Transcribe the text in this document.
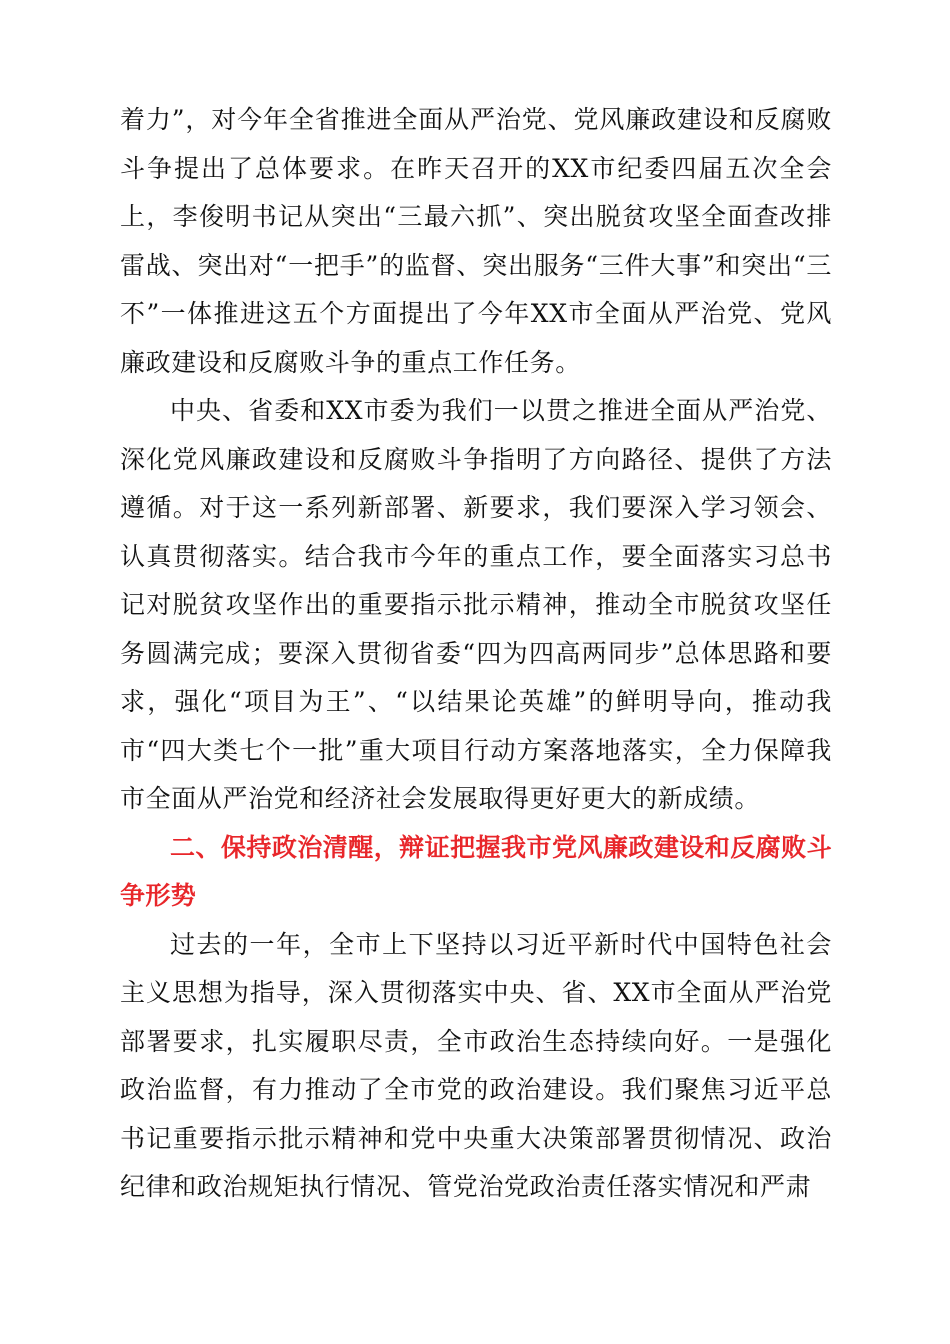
着力”，对今年全省推进全面从严治党、党风廉政建设和反腐败斗争提出了总体要求。在昨天召开的XX市纪委四届五次全会上，李俊明书记从突出“三最六抓”、突出脱贫攻坚全面查改排雷战、突出对“一把手”的监督、突出服务“三件大事”和突出“三不”一体推进这五个方面提出了今年XX市全面从严治党、党风廉政建设和反腐败斗争的重点工作任务。

中央、省委和XX市委为我们一以贯之推进全面从严治党、深化党风廉政建设和反腐败斗争指明了方向路径、提供了方法遵循。对于这一系列新部署、新要求，我们要深入学习领会、认真贯彻落实。结合我市今年的重点工作，要全面落实习总书记对脱贫攻坚作出的重要指示批示精神，推动全市脱贫攻坚任务圆满完成；要深入贯彻省委“四为四高两同步”总体思路和要求，强化“项目为王”、“以结果论英雄”的鲜明导向，推动我市“四大类七个一批”重大项目行动方案落地落实，全力保障我市全面从严治党和经济社会发展取得更好更大的新成绩。

二、保持政治清醒，辩证把握我市党风廉政建设和反腐败斗争形势

过去的一年，全市上下坚持以习近平新时代中国特色社会主义思想为指导，深入贯彻落实中央、省、XX市全面从严治党部署要求，扎实履职尽责，全市政治生态持续向好。一是强化政治监督，有力推动了全市党的政治建设。我们聚焦习近平总书记重要指示批示精神和党中央重大决策部署贯彻情况、政治纪律和政治规矩执行情况、管党治党政治责任落实情况和严肃
